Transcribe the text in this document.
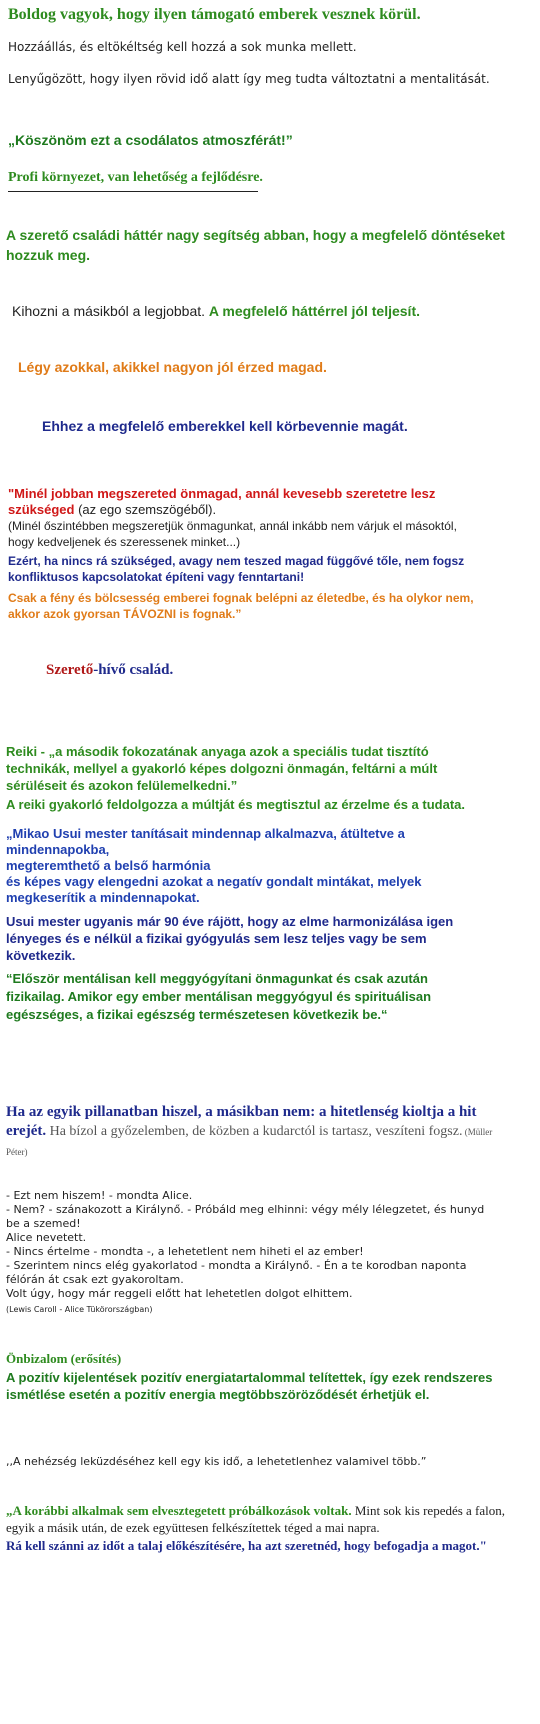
Boldog vagyok, hogy ilyen támogató emberek vesznek körül.
Hozzáállás, és eltökéltség kell hozzá a sok munka mellett.
Lenyűgözött, hogy ilyen rövid idő alatt így meg tudta változtatni a mentalitását.
„Köszönöm ezt a csodálatos atmoszférát!”
Profi környezet, van lehetőség a fejlődésre.
A szerető családi háttér nagy segítség abban, hogy a megfelelő döntéseket hozzuk meg.
Kihozni a másikból a legjobbat. A megfelelő háttérrel jól teljesít.
Légy azokkal, akikkel nagyon jól érzed magad.
Ehhez a megfelelő emberekkel kell körbevennie magát.
"Minél jobban megszereted önmagad, annál kevesebb szeretetre lesz szükséged (az ego szemszögéből).
(Minél őszintébben megszeretjük önmagunkat, annál inkább nem várjuk el másoktól, hogy kedveljenek és szeressenek minket...)
Ezért, ha nincs rá szükséged, avagy nem teszed magad függővé tőle, nem fogsz konfliktusos kapcsolatokat építeni vagy fenntartani!
Csak a fény és bölcsesség emberei fognak belépni az életedbe, és ha olykor nem, akkor azok gyorsan TÁVOZNI is fognak.”
Szerető-hívő család.
Reiki - „a második fokozatának anyaga azok a speciális tudat tisztító technikák, mellyel a gyakorló képes dolgozni önmagán, feltárni a múlt sérüléseit és azokon felülemelkedni.”
A reiki gyakorló feldolgozza a múltját és megtisztul az érzelme és a tudata.
„Mikao Usui mester tanításait mindennap alkalmazva, átültetve a mindennapokba,
megteremthető a belső harmónia
és képes vagy elengedni azokat a negatív gondalt mintákat, melyek megkeserítik a mindennapokat.
Usui mester ugyanis már 90 éve rájött, hogy az elme harmonizálása igen lényeges és e nélkül a fizikai gyógyulás sem lesz teljes vagy be sem következik.
“Először mentálisan kell meggyógyítani önmagunkat és csak azután fizikailag. Amikor egy ember mentálisan meggyógyul és spirituálisan egészséges, a fizikai egészség természetesen következik be.“
Ha az egyik pillanatban hiszel, a másikban nem: a hitetlenség kioltja a hit erejét. Ha bízol a győzelemben, de közben a kudarctól is tartasz, veszíteni fogsz. (Müller Péter)

- Ezt nem hiszem! - mondta Alice.

- Nem? - szánakozott a Királynő. - Próbáld meg elhinni: végy mély lélegzetet, és hunyd be a szemed!

Alice nevetett.

- Nincs értelme - mondta -, a lehetetlent nem hiheti el az ember!

- Szerintem nincs elég gyakorlatod - mondta a Királynő. - Én a te korodban naponta félórán át csak ezt gyakoroltam.

Volt úgy, hogy már reggeli előtt hat lehetetlen dolgot elhittem.

(Lewis Caroll - Alice Tükörországban)

Önbizalom (erősítés)
A pozitív kijelentések pozitív energiatartalommal telítettek, így ezek rendszeres ismétlése esetén a pozitív energia megtöbbszöröződését érhetjük el.
,,A nehézség leküzdéséhez kell egy kis idő, a lehetetlenhez valamivel több.”
„A korábbi alkalmak sem elvesztegetett próbálkozások voltak. Mint sok kis repedés a falon, egyik a másik után, de ezek együttesen felkészítettek téged a mai napra.
Rá kell szánni az időt a talaj előkészítésére, ha azt szeretnéd, hogy befogadja a magot."
